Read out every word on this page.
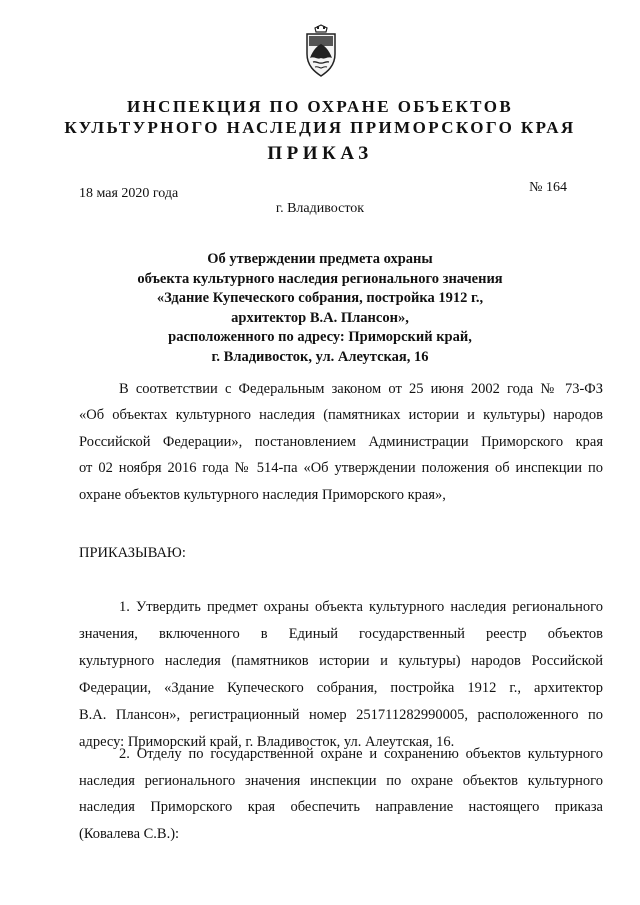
ИНСПЕКЦИЯ ПО ОХРАНЕ ОБЪЕКТОВ
КУЛЬТУРНОГО НАСЛЕДИЯ ПРИМОРСКОГО КРАЯ
ПРИКАЗ
18 мая 2020 года	№ 164
г. Владивосток
Об утверждении предмета охраны
объекта культурного наследия регионального значения
«Здание Купеческого собрания, постройка 1912 г.,
архитектор В.А. Плансон»,
расположенного по адресу: Приморский край,
г. Владивосток, ул. Алеутская, 16
В соответствии с Федеральным законом от 25 июня 2002 года № 73-ФЗ
«Об объектах культурного наследия (памятниках истории и культуры) народов
Российской Федерации», постановлением Администрации Приморского края
от 02 ноября 2016 года № 514-па «Об утверждении положения об инспекции по
охране объектов культурного наследия Приморского края»,
ПРИКАЗЫВАЮ:
1. Утвердить предмет охраны объекта культурного наследия регионального
значения, включенного в Единый государственный реестр объектов
культурного наследия (памятников истории и культуры) народов Российской
Федерации, «Здание Купеческого собрания, постройка 1912 г., архитектор
В.А. Плансон», регистрационный номер 251711282990005, расположенного по
адресу: Приморский край, г. Владивосток, ул. Алеутская, 16.
2. Отделу по государственной охране и сохранению объектов культурного
наследия регионального значения инспекции по охране объектов культурного
наследия Приморского края обеспечить направление настоящего приказа
(Ковалева С.В.):
